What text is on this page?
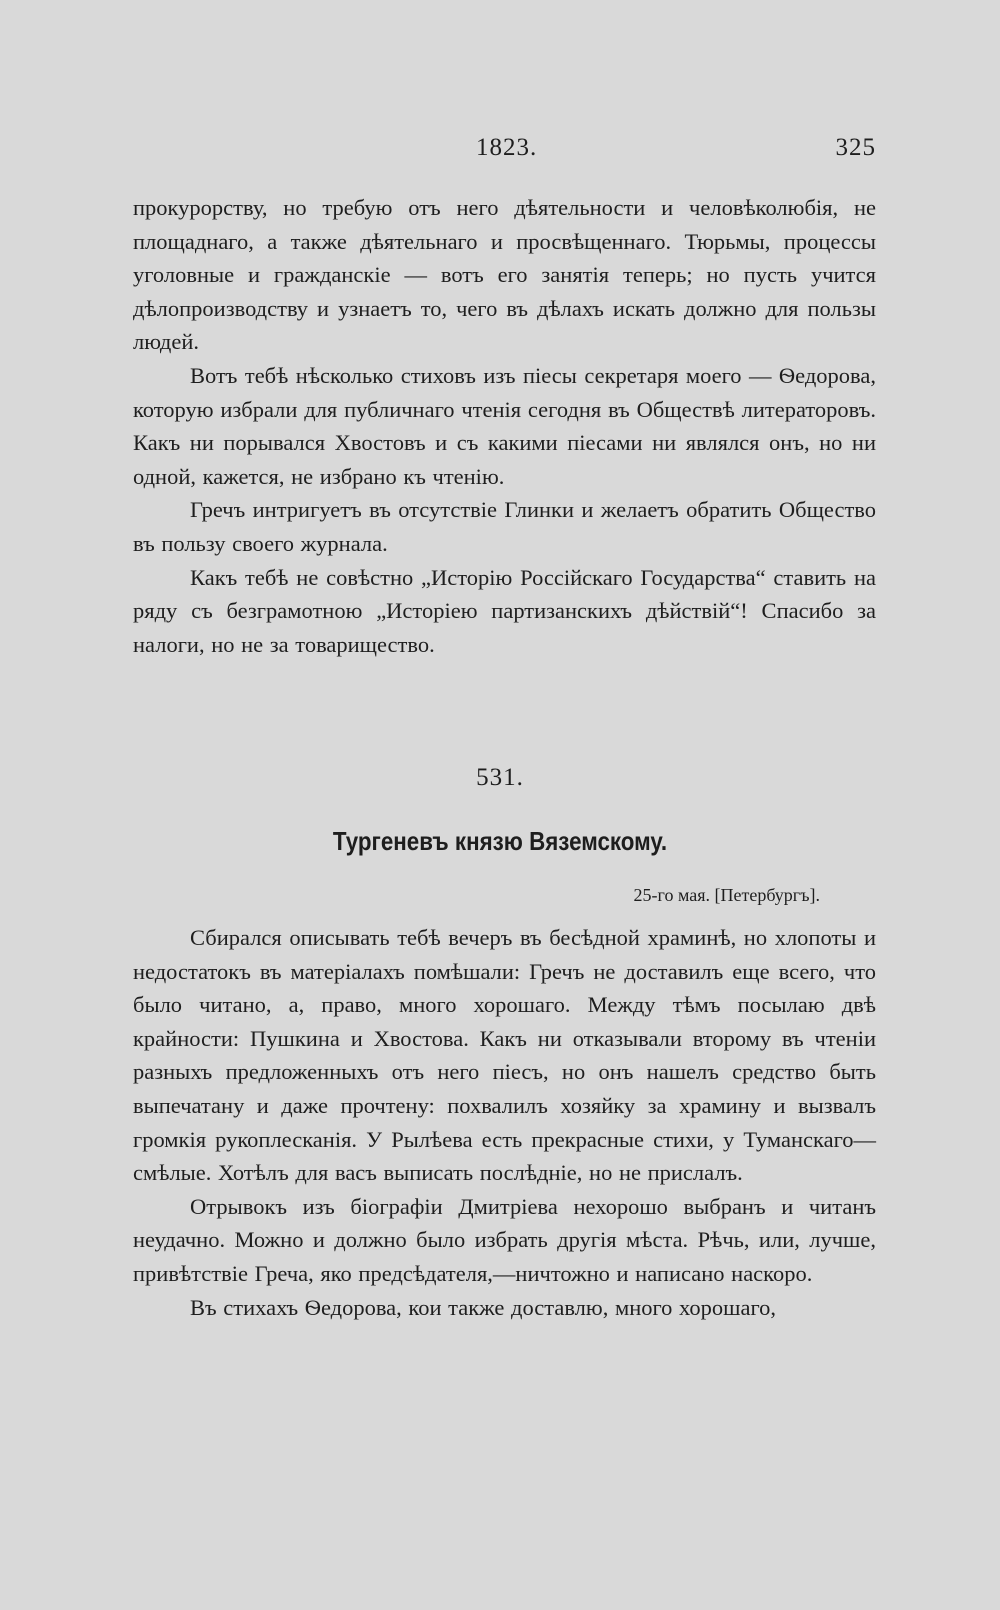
1823.	325

прокурорству, но требую отъ него дѣятельности и человѣколюбія, не площаднаго, а также дѣятельнаго и просвѣщеннаго. Тюрьмы, процессы уголовные и гражданскіе — вотъ его занятія теперь; но пусть учится дѣлопроизводству и узнаетъ то, чего въ дѣлахъ искать должно для пользы людей.

Вотъ тебѣ нѣсколько стиховъ изъ піесы секретаря моего — Ѳедорова, которую избрали для публичнаго чтенія сегодня въ Обществѣ литераторовъ. Какъ ни порывался Хвостовъ и съ какими піесами ни являлся онъ, но ни одной, кажется, не избрано къ чтенію.

Гречъ интригуетъ въ отсутствіе Глинки и желаетъ обратить Общество въ пользу своего журнала.

Какъ тебѣ не совѣстно „Исторію Россійскаго Государства“ ставить на ряду съ безграмотною „Исторіею партизанскихъ дѣйствій“! Спасибо за налоги, но не за товарищество.

531.
Тургеневъ князю Вяземскому.
25-го мая. [Петербургъ].

Сбирался описывать тебѣ вечеръ въ бесѣдной храминѣ, но хлопоты и недостатокъ въ матеріалахъ помѣшали: Гречъ не доставилъ еще всего, что было читано, а, право, много хорошаго. Между тѣмъ посылаю двѣ крайности: Пушкина и Хвостова. Какъ ни отказывали второму въ чтеніи разныхъ предложенныхъ отъ него піесъ, но онъ нашелъ средство быть выпечатану и даже прочтену: похвалилъ хозяйку за храмину и вызвалъ громкія рукоплесканія. У Рылѣева есть прекрасные стихи, у Туманскаго—смѣлые. Хотѣлъ для васъ выписать послѣдніе, но не прислалъ.

Отрывокъ изъ біографіи Дмитріева нехорошо выбранъ и читанъ неудачно. Можно и должно было избрать другія мѣста. Рѣчь, или, лучше, привѣтствіе Греча, яко предсѣдателя,—ничтожно и написано наскоро.

Въ стихахъ Ѳедорова, кои также доставлю, много хорошаго,
